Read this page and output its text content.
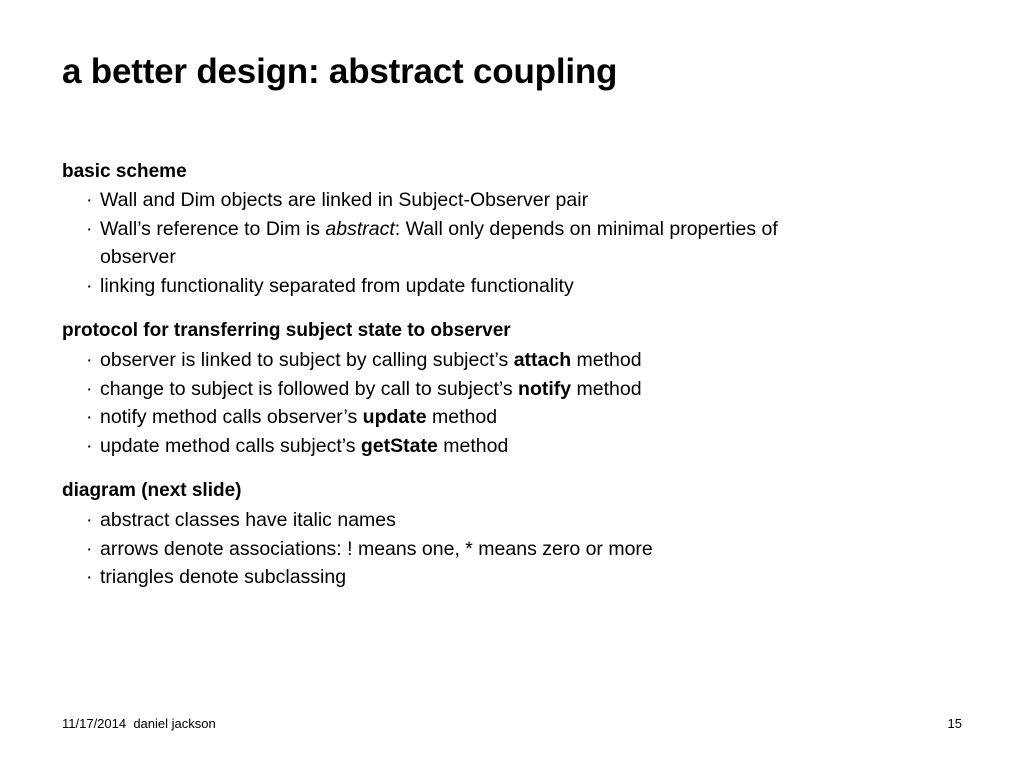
a better design: abstract coupling
basic scheme
· Wall and Dim objects are linked in Subject-Observer pair
· Wall’s reference to Dim is abstract: Wall only depends on minimal properties of
observer
· linking functionality separated from update functionality
protocol for transferring subject state to observer
· observer is linked to subject by calling subject’s attach method
· change to subject is followed by call to subject’s notify method
· notify method calls observer’s update method
· update method calls subject’s getState method
diagram (next slide)
· abstract classes have italic names
· arrows denote associations: ! means one, * means zero or more
· triangles denote subclassing
11/17/2014  daniel jackson	15
